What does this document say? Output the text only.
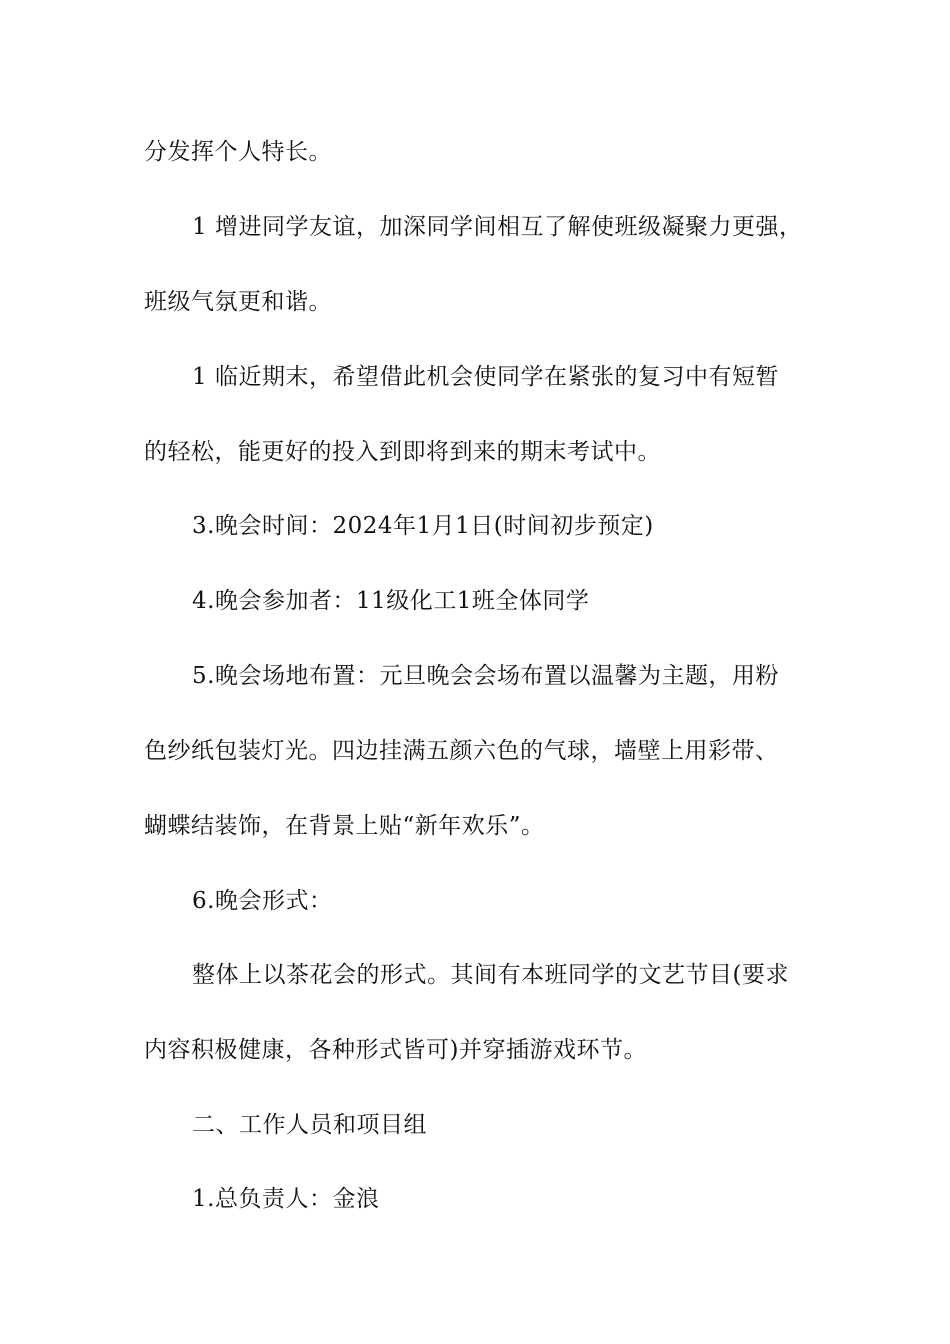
分发挥个人特长。
1 增进同学友谊，加深同学间相互了解使班级凝聚力更强，
班级气氛更和谐。
1 临近期末，希望借此机会使同学在紧张的复习中有短暂
的轻松，能更好的投入到即将到来的期末考试中。
3.晚会时间：2024年1月1日(时间初步预定)
4.晚会参加者：11级化工1班全体同学
5.晚会场地布置：元旦晚会会场布置以温馨为主题，用粉
色纱纸包装灯光。四边挂满五颜六色的气球，墙壁上用彩带、
蝴蝶结装饰，在背景上贴“新年欢乐”。
6.晚会形式：
整体上以茶花会的形式。其间有本班同学的文艺节目(要求
内容积极健康，各种形式皆可)并穿插游戏环节。
二、工作人员和项目组
1.总负责人：金浪
